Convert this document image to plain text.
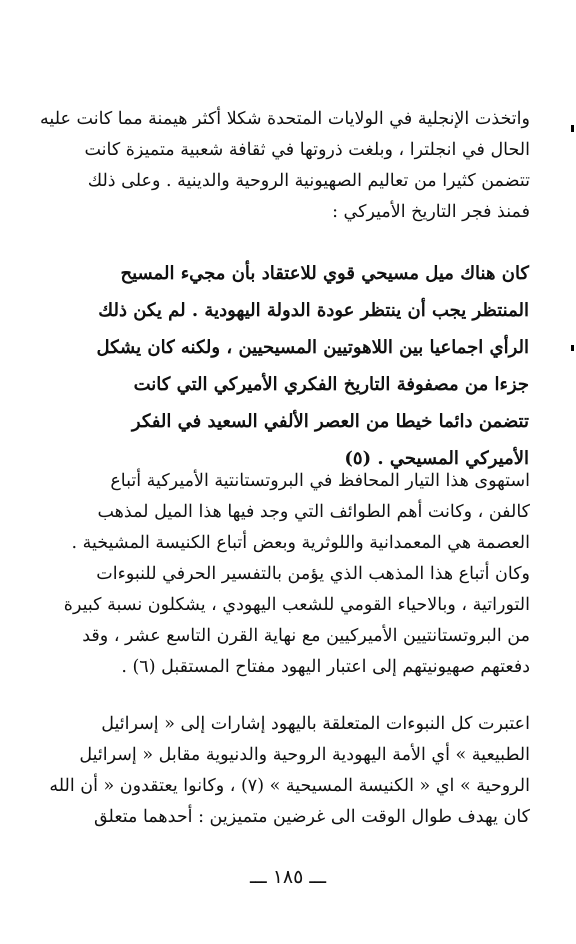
واتخذت الإنجلية في الولايات المتحدة شكلا أكثر هيمنة مما كانت عليه
الحال في انجلترا ، وبلغت ذروتها في ثقافة شعبية متميزة كانت
تتضمن كثيرا من تعاليم الصهيونية الروحية والدينية . وعلى ذلك
فمنذ فجر التاريخ الأميركي :
كان هناك ميل مسيحي قوي للاعتقاد بأن مجيء المسيح
المنتظر يجب أن ينتظر عودة الدولة اليهودية . لم يكن ذلك
الرأي اجماعيا بين اللاهوتيين المسيحيين ، ولكنه كان يشكل
جزءا من مصفوفة التاريخ الفكري الأميركي التي كانت
تتضمن دائما خيطا من العصر الألفي السعيد في الفكر
الأميركي المسيحي . (٥)
استهوى هذا التيار المحافظ في البروتستانتية الأميركية أتباع
كالفن ، وكانت أهم الطوائف التي وجد فيها هذا الميل لمذهب
العصمة هي المعمدانية واللوثرية وبعض أتباع الكنيسة المشيخية .
وكان أتباع هذا المذهب الذي يؤمن بالتفسير الحرفي للنبوءات
التوراتية ، وبالاحياء القومي للشعب اليهودي ، يشكلون نسبة كبيرة
من البروتستانتيين الأميركيين مع نهاية القرن التاسع عشر ، وقد
دفعتهم صهيونيتهم إلى اعتبار اليهود مفتاح المستقبل (٦) .
اعتبرت كل النبوءات المتعلقة باليهود إشارات إلى « إسرائيل
الطبيعية » أي الأمة اليهودية الروحية والدنيوية مقابل « إسرائيل
الروحية » اي « الكنيسة المسيحية » (٧) ، وكانوا يعتقدون « أن الله
كان يهدف طوال الوقت الى غرضين متميزين : أحدهما متعلق
ـــ ١٨٥ ـــ
